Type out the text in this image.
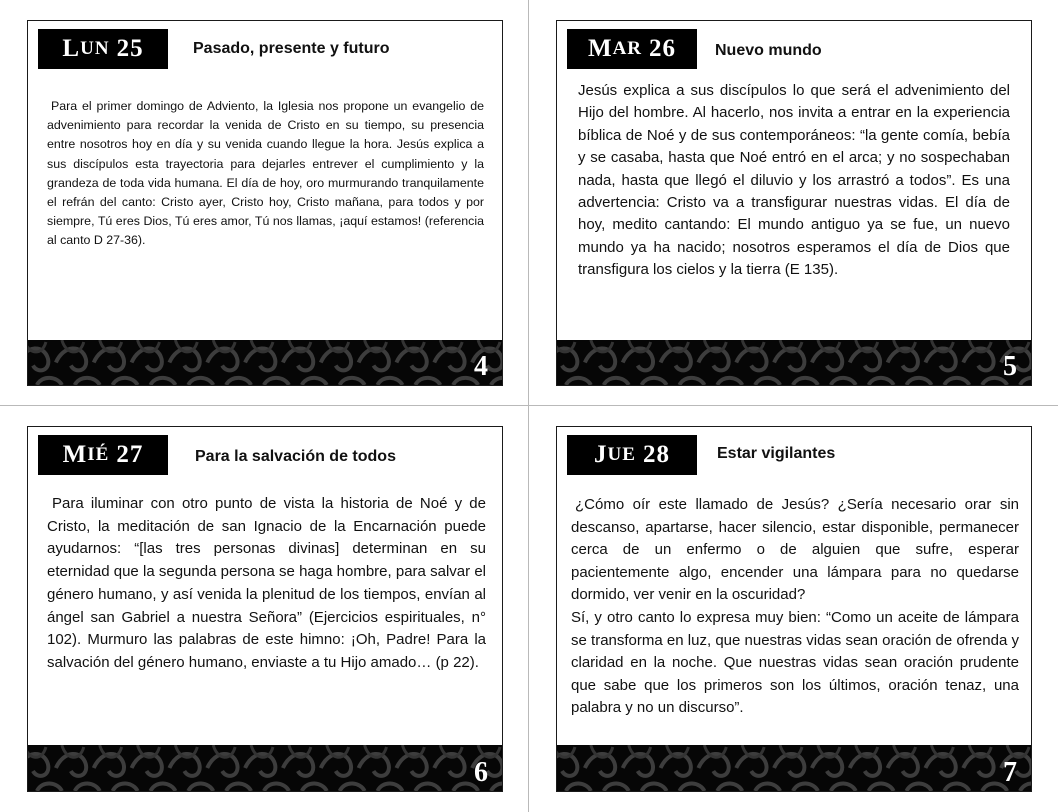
L UN 25	Pasado, presente y futuro
Para el primer domingo de Adviento, la Iglesia nos propone un evangelio de advenimiento para recordar la venida de Cristo en su tiempo, su presencia entre nosotros hoy en día y su venida cuando llegue la hora. Jesús explica a sus discípulos esta trayectoria para dejarles entrever el cumplimiento y la grandeza de toda vida humana. El día de hoy, oro murmurando tranquilamente el refrán del canto: Cristo ayer, Cristo hoy, Cristo mañana, para todos y por siempre, Tú eres Dios, Tú eres amor, Tú nos llamas, ¡aquí estamos! (referencia al canto D 27-36).
4
M AR 26 Nuevo mundo
Jesús explica a sus discípulos lo que será el advenimiento del Hijo del hombre. Al hacerlo, nos invita a entrar en la experiencia bíblica de Noé y de sus contemporáneos: “la gente comía, bebía y se casaba, hasta que Noé entró en el arca; y no sospechaban nada, hasta que llegó el diluvio y los arrastró a todos”. Es una advertencia: Cristo va a transfigurar nuestras vidas. El día de hoy, medito cantando: El mundo antiguo ya se fue, un nuevo mundo ya ha nacido; nosotros esperamos el día de Dios que transfigura los cielos y la tierra (E 135).
5
M IÉ 27	Para la salvación de todos
Para iluminar con otro punto de vista la historia de Noé y de Cristo, la meditación de san Ignacio de la Encarnación puede ayudarnos: “[las tres personas divinas] determinan en su eternidad que la segunda persona se haga hombre, para salvar el género humano, y así venida la plenitud de los tiempos, envían al ángel san Gabriel a nuestra Señora” (Ejercicios espirituales, n° 102). Murmuro las palabras de este himno: ¡Oh, Padre! Para la salvación del género humano, enviaste a tu Hijo amado… (p 22).
6
J UE 28	Estar vigilantes
¿Cómo oír este llamado de Jesús? ¿Sería necesario orar sin descanso, apartarse, hacer silencio, estar disponible, permanecer cerca de un enfermo o de alguien que sufre, esperar pacientemente algo, encender una lámpara para no quedarse dormido, ver venir en la oscuridad?
Sí, y otro canto lo expresa muy bien: “Como un aceite de lámpara se transforma en luz, que nuestras vidas sean oración de ofrenda y claridad en la noche. Que nuestras vidas sean oración prudente que sabe que los primeros son los últimos, oración tenaz, una palabra y no un discurso”.
7
